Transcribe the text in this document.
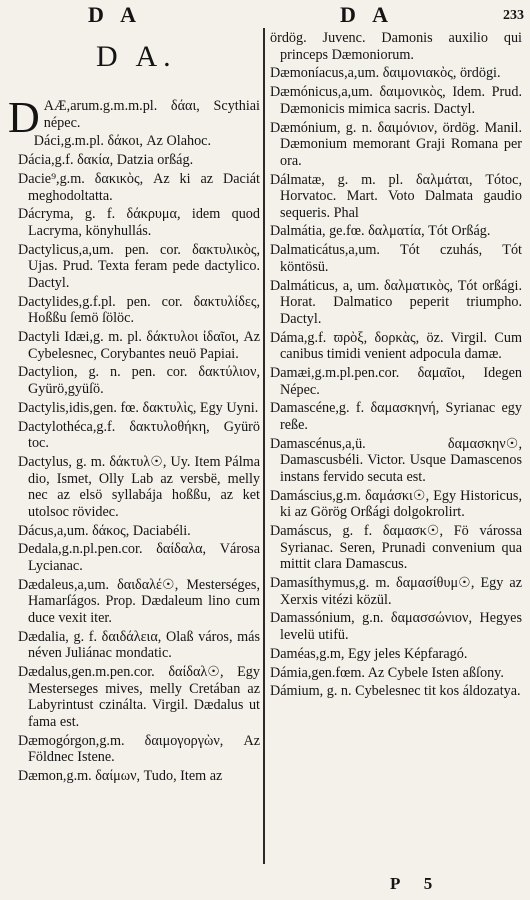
D A	D A	233
D A.
D AÆ,arum.g.m.m.pl. δάαι, Scythiai népec.
Dáci,g.m.pl. δάκοι, Az Olahoc.
Dácia,g.f. δακία, Datzia orßág.
Dacie⁹,g.m. δακικὸς, Az ki az Daciát meghodoltatta.
Dácryma, g. f. δάκρυμα, idem quod Lacryma, könyhullás.
Dactylicus,a,um. pen. cor. δακτυλικὸς, Ujas. Prud. Texta feram pede dactylico. Dactyl.
Dactylides,g.f.pl. pen. cor. δακτυλίδες, Hoßßu ſemö ſölöc.
Dactyli Idæi,g. m. pl. δάκτυλοι ἰδαῖοι, Az Cybelesnec, Corybantes neuö Papiai.
Dactylion, g. n. pen. cor. δακτύλιον, Gyürö,gyüſö.
Dactylis,idis,gen. fœ. δακτυλὶς, Egy Uyni.
Dactylothéca,g.f. δακτυλοθήκη, Gyürö toc.
Dactylus, g. m. δάκτυλ☉, Uy. Item Pálma dio, Ismet, Olly Lab az versbë, melly nec az elsö syllabája hoßßu, az ket utolsoc rövidec.
Dácus,a,um. δάκος, Daciabéli.
Dedala,g.n.pl.pen.cor. δαίδαλα, Városa Lycianac.
Dædaleus,a,um. δαιδαλέ☉, Mesterséges, Hamarſágos. Prop. Dædaleum lino cum duce vexit iter.
Dædalia, g. f. δαιδάλεια, Olaß város, más néven Juliánac mondatic.
Dædalus,gen.m.pen.cor. δαίδαλ☉, Egy Mesterseges mives, melly Cretában az Labyrintust czinálta. Virgil. Dædalus ut fama est.
Dæmogórgon,g.m. δαιμογοργὼν, Az Földnec Istene.
Dæmon,g.m. δαίμων, Tudo, Item az
ördög. Juvenc. Damonis auxilio qui princeps Dæmoniorum.
Dæmoníacus,a,um. δαιμονιακὸς, ördögi.
Dæmónicus,a,um. δαιμονικὸς, Idem. Prud. Dæmonicis mimica sacris. Dactyl.
Dæmónium, g. n. δαιμόνιον, ördög. Manil. Dæmonium memorant Graji Romana per ora.
Dálmatæ, g. m. pl. δαλμάται, Tótoc, Horvatoc. Mart. Voto Dalmata gaudio sequeris. Phal
Dalmátia, ge.fœ. δαλματία, Tót Orßág.
Dalmaticátus,a,um. Tót czuhás, Tót köntösü.
Dalmáticus, a, um. δαλματικὸς, Tót orßági. Horat. Dalmatico peperit triumpho. Dactyl.
Dáma,g.f. ϖρὸξ, δορκὰς, öz. Virgil. Cum canibus timidi venient adpocula damæ.
Damæi,g.m.pl.pen.cor. δαμαῖοι, Idegen Népec.
Damascéne,g. f. δαμασκηνή, Syrianac egy reße.
Damascénus,a,ü. δαμασκην☉, Damascusbéli. Victor. Usque Damascenos instans fervido secuta est.
Damáscius,g.m. δαμάσκι☉, Egy Historicus, ki az Görög Orßági dolgokrolirt.
Damáscus, g. f. δαμασκ☉, Fö várossa Syrianac. Seren, Prunadi convenium qua mittit clara Damascus.
Damasíthymus,g. m. δαμασίθυμ☉, Egy az Xerxis vitézi közül.
Damassónium, g.n. δαμασσώνιον, Hegyes levelü utifü.
Daméas,g.m, Egy jeles Képfaragó.
Dámia,gen.fœm. Az Cybele Isten aßſony.
Dámium, g. n. Cybelesnec tit kos áldozatya.
P 5
